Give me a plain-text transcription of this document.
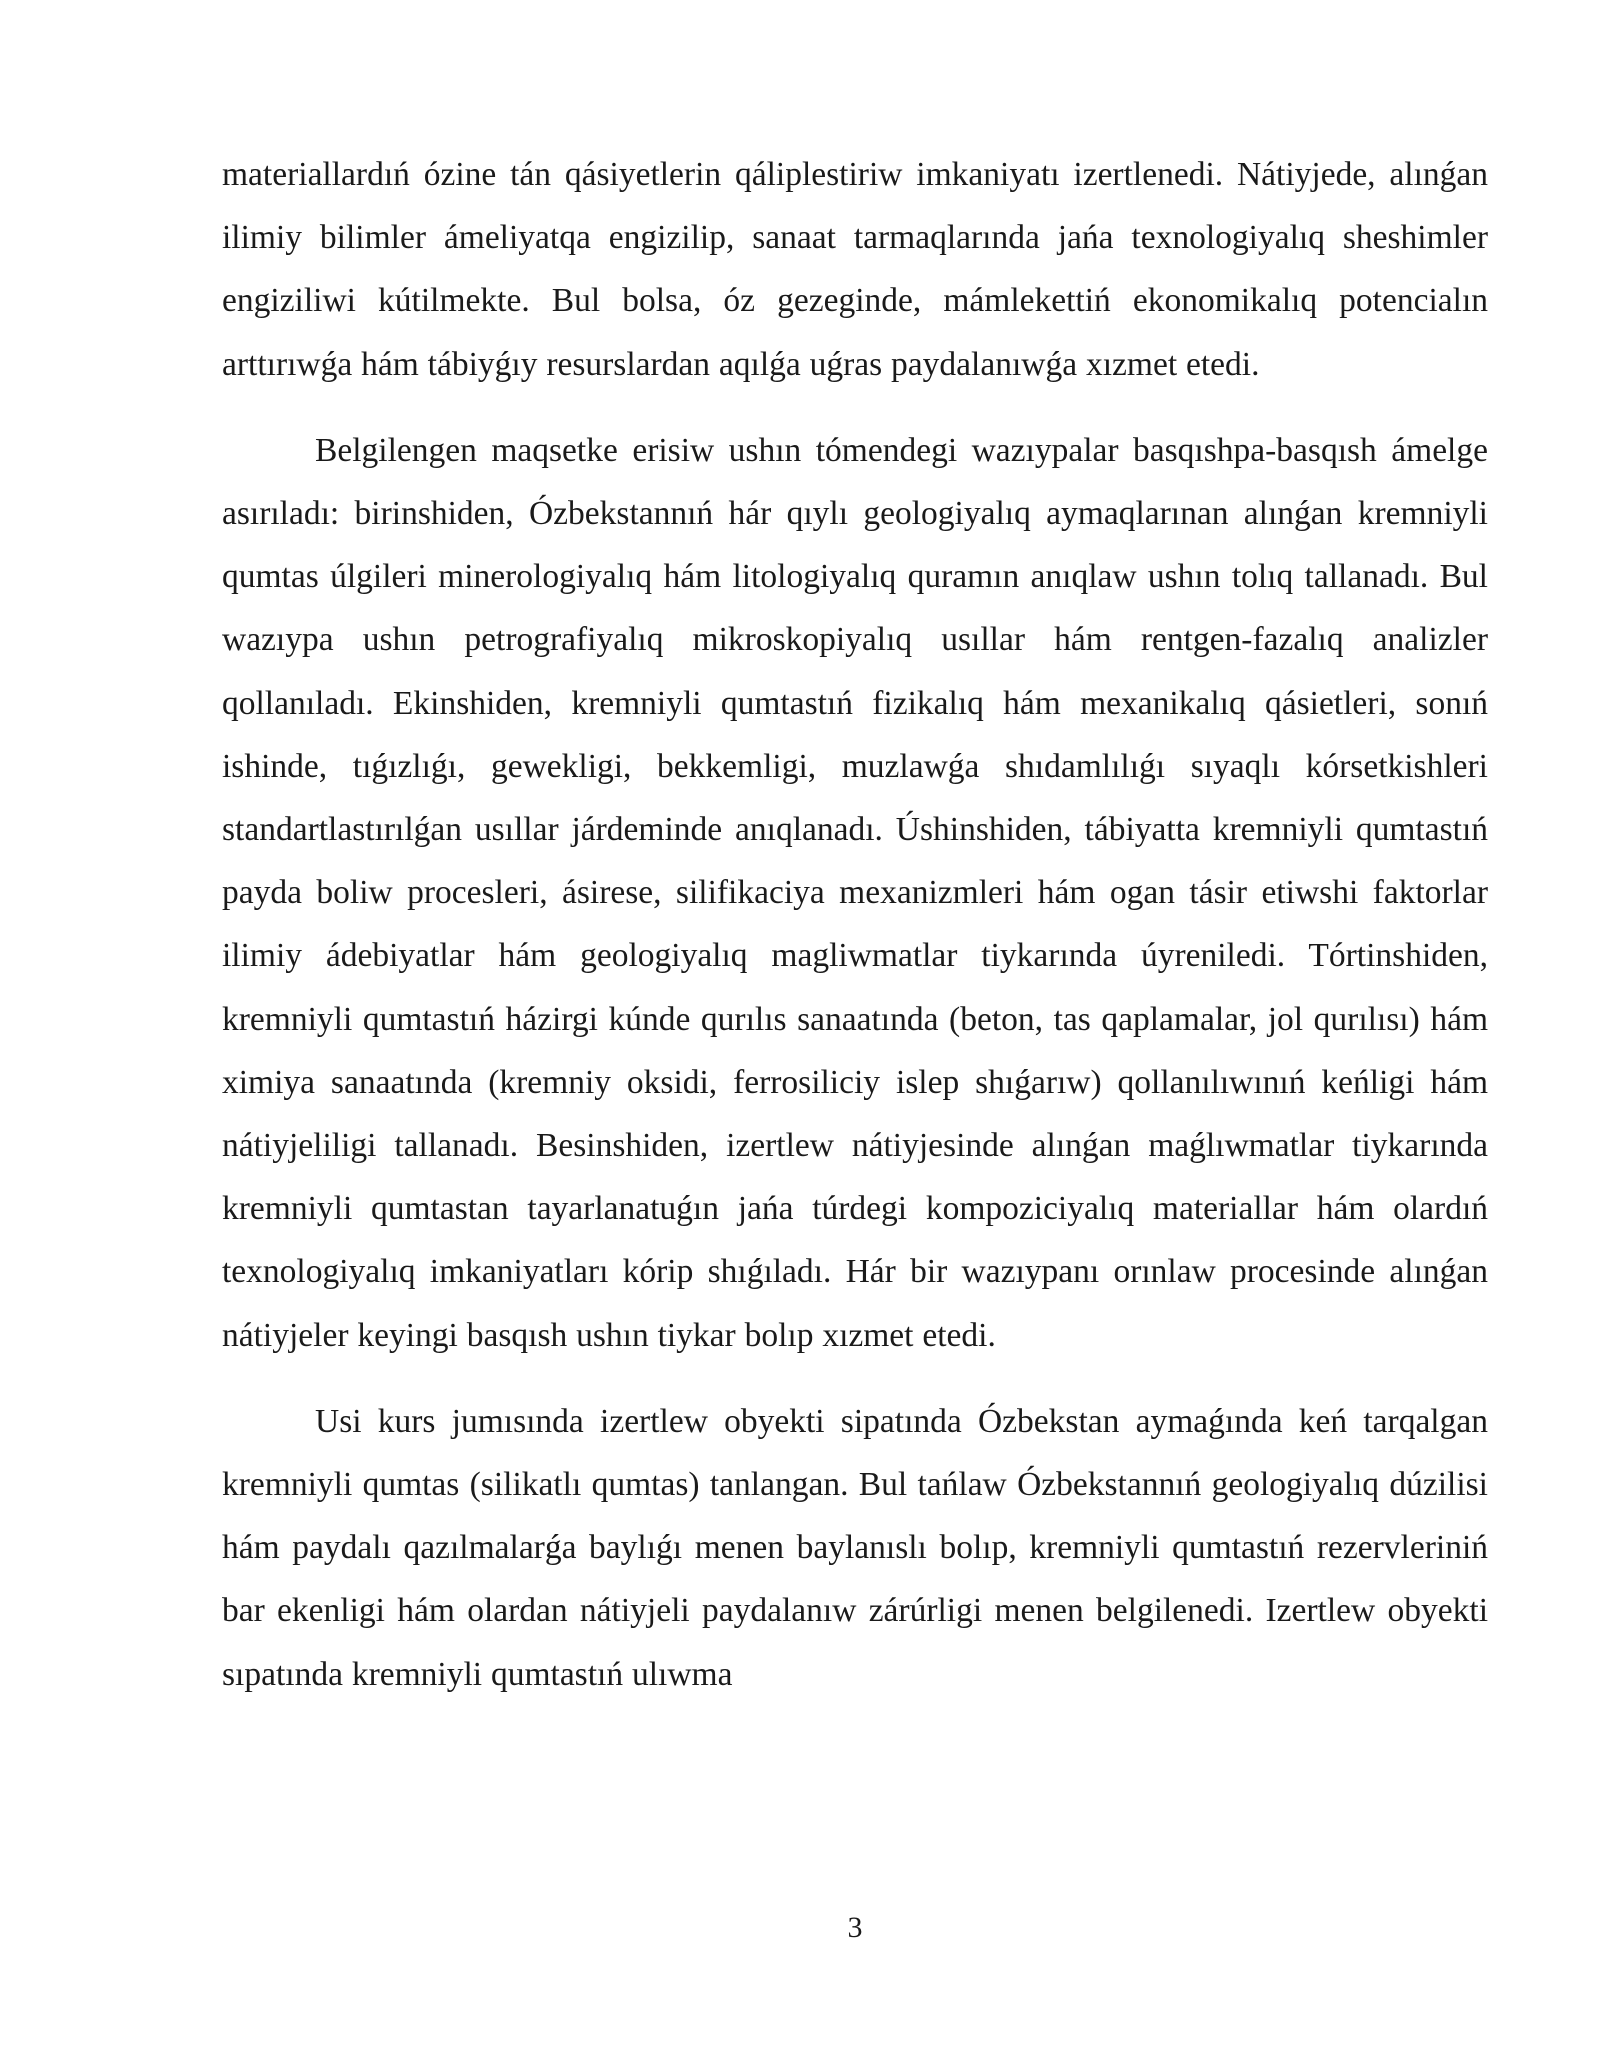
materiallardıń ózine tán qásiyetlerin qáliplestiriw imkaniyatı izertlenedi. Nátiyjede, alınǵan ilimiy bilimler ámeliyatqa engizilip, sanaat tarmaqlarında jańa texnologiyalıq sheshimler engiziliwi kútilmekte. Bul bolsa, óz gezeginde, mámlekettiń ekonomikalıq potencialın arttırıwǵa hám tábiyǵıy resurslardan aqılǵa uǵras paydalanıwǵa xızmet etedi.

Belgilengen maqsetke erisiw ushın tómendegi wazıypalar basqıshpa-basqısh ámelge asırıladı: birinshiden, Ózbekstannıń hár qıylı geologiyalıq aymaqlarınan alınǵan kremniyli qumtas úlgileri minerologiyalıq hám litologiyalıq quramın anıqlaw ushın tolıq tallanadı. Bul wazıypa ushın petrografiyalıq mikroskopiyalıq usıllar hám rentgen-fazalıq analizler qollanıladı. Ekinshiden, kremniyli qumtastıń fizikalıq hám mexanikalıq qásietleri, sonıń ishinde, tıǵızlıǵı, gewekligi, bekkemligi, muzlawǵa shıdamlılıǵı sıyaqlı kórsetkishleri standartlastırılǵan usıllar járdeminde anıqlanadı. Úshinshiden, tábiyatta kremniyli qumtastıń payda boliw procesleri, ásirese, silifikaciya mexanizmleri hám ogan tásir etiwshi faktorlar ilimiy ádebiyatlar hám geologiyalıq magliwmatlar tiykarında úyreniledi. Tórtinshiden, kremniyli qumtastıń házirgi kúnde qurılıs sanaatında (beton, tas qaplamalar, jol qurılısı) hám ximiya sanaatında (kremniy oksidi, ferrosiliciy islep shıǵarıw) qollanılıwınıń keńligi hám nátiyjeliligi tallanadı. Besinshiden, izertlew nátiyjesinde alınǵan maǵlıwmatlar tiykarında kremniyli qumtastan tayarlanatuǵın jańa túrdegi kompoziciyalıq materiallar hám olardıń texnologiyalıq imkaniyatları kórip shıǵıladı. Hár bir wazıypanı orınlaw procesinde alınǵan nátiyjeler keyingi basqısh ushın tiykar bolıp xızmet etedi.

Usi kurs jumısında izertlew obyekti sipatında Ózbekstan aymaǵında keń tarqalgan kremniyli qumtas (silikatlı qumtas) tanlangan. Bul tańlaw Ózbekstannıń geologiyalıq dúzilisi hám paydalı qazılmalarǵa baylıǵı menen baylanıslı bolıp, kremniyli qumtastıń rezervleriniń bar ekenligi hám olardan nátiyjeli paydalanıw zárúrligi menen belgilenedi. Izertlew obyekti sıpatında kremniyli qumtastıń ulıwma

3
